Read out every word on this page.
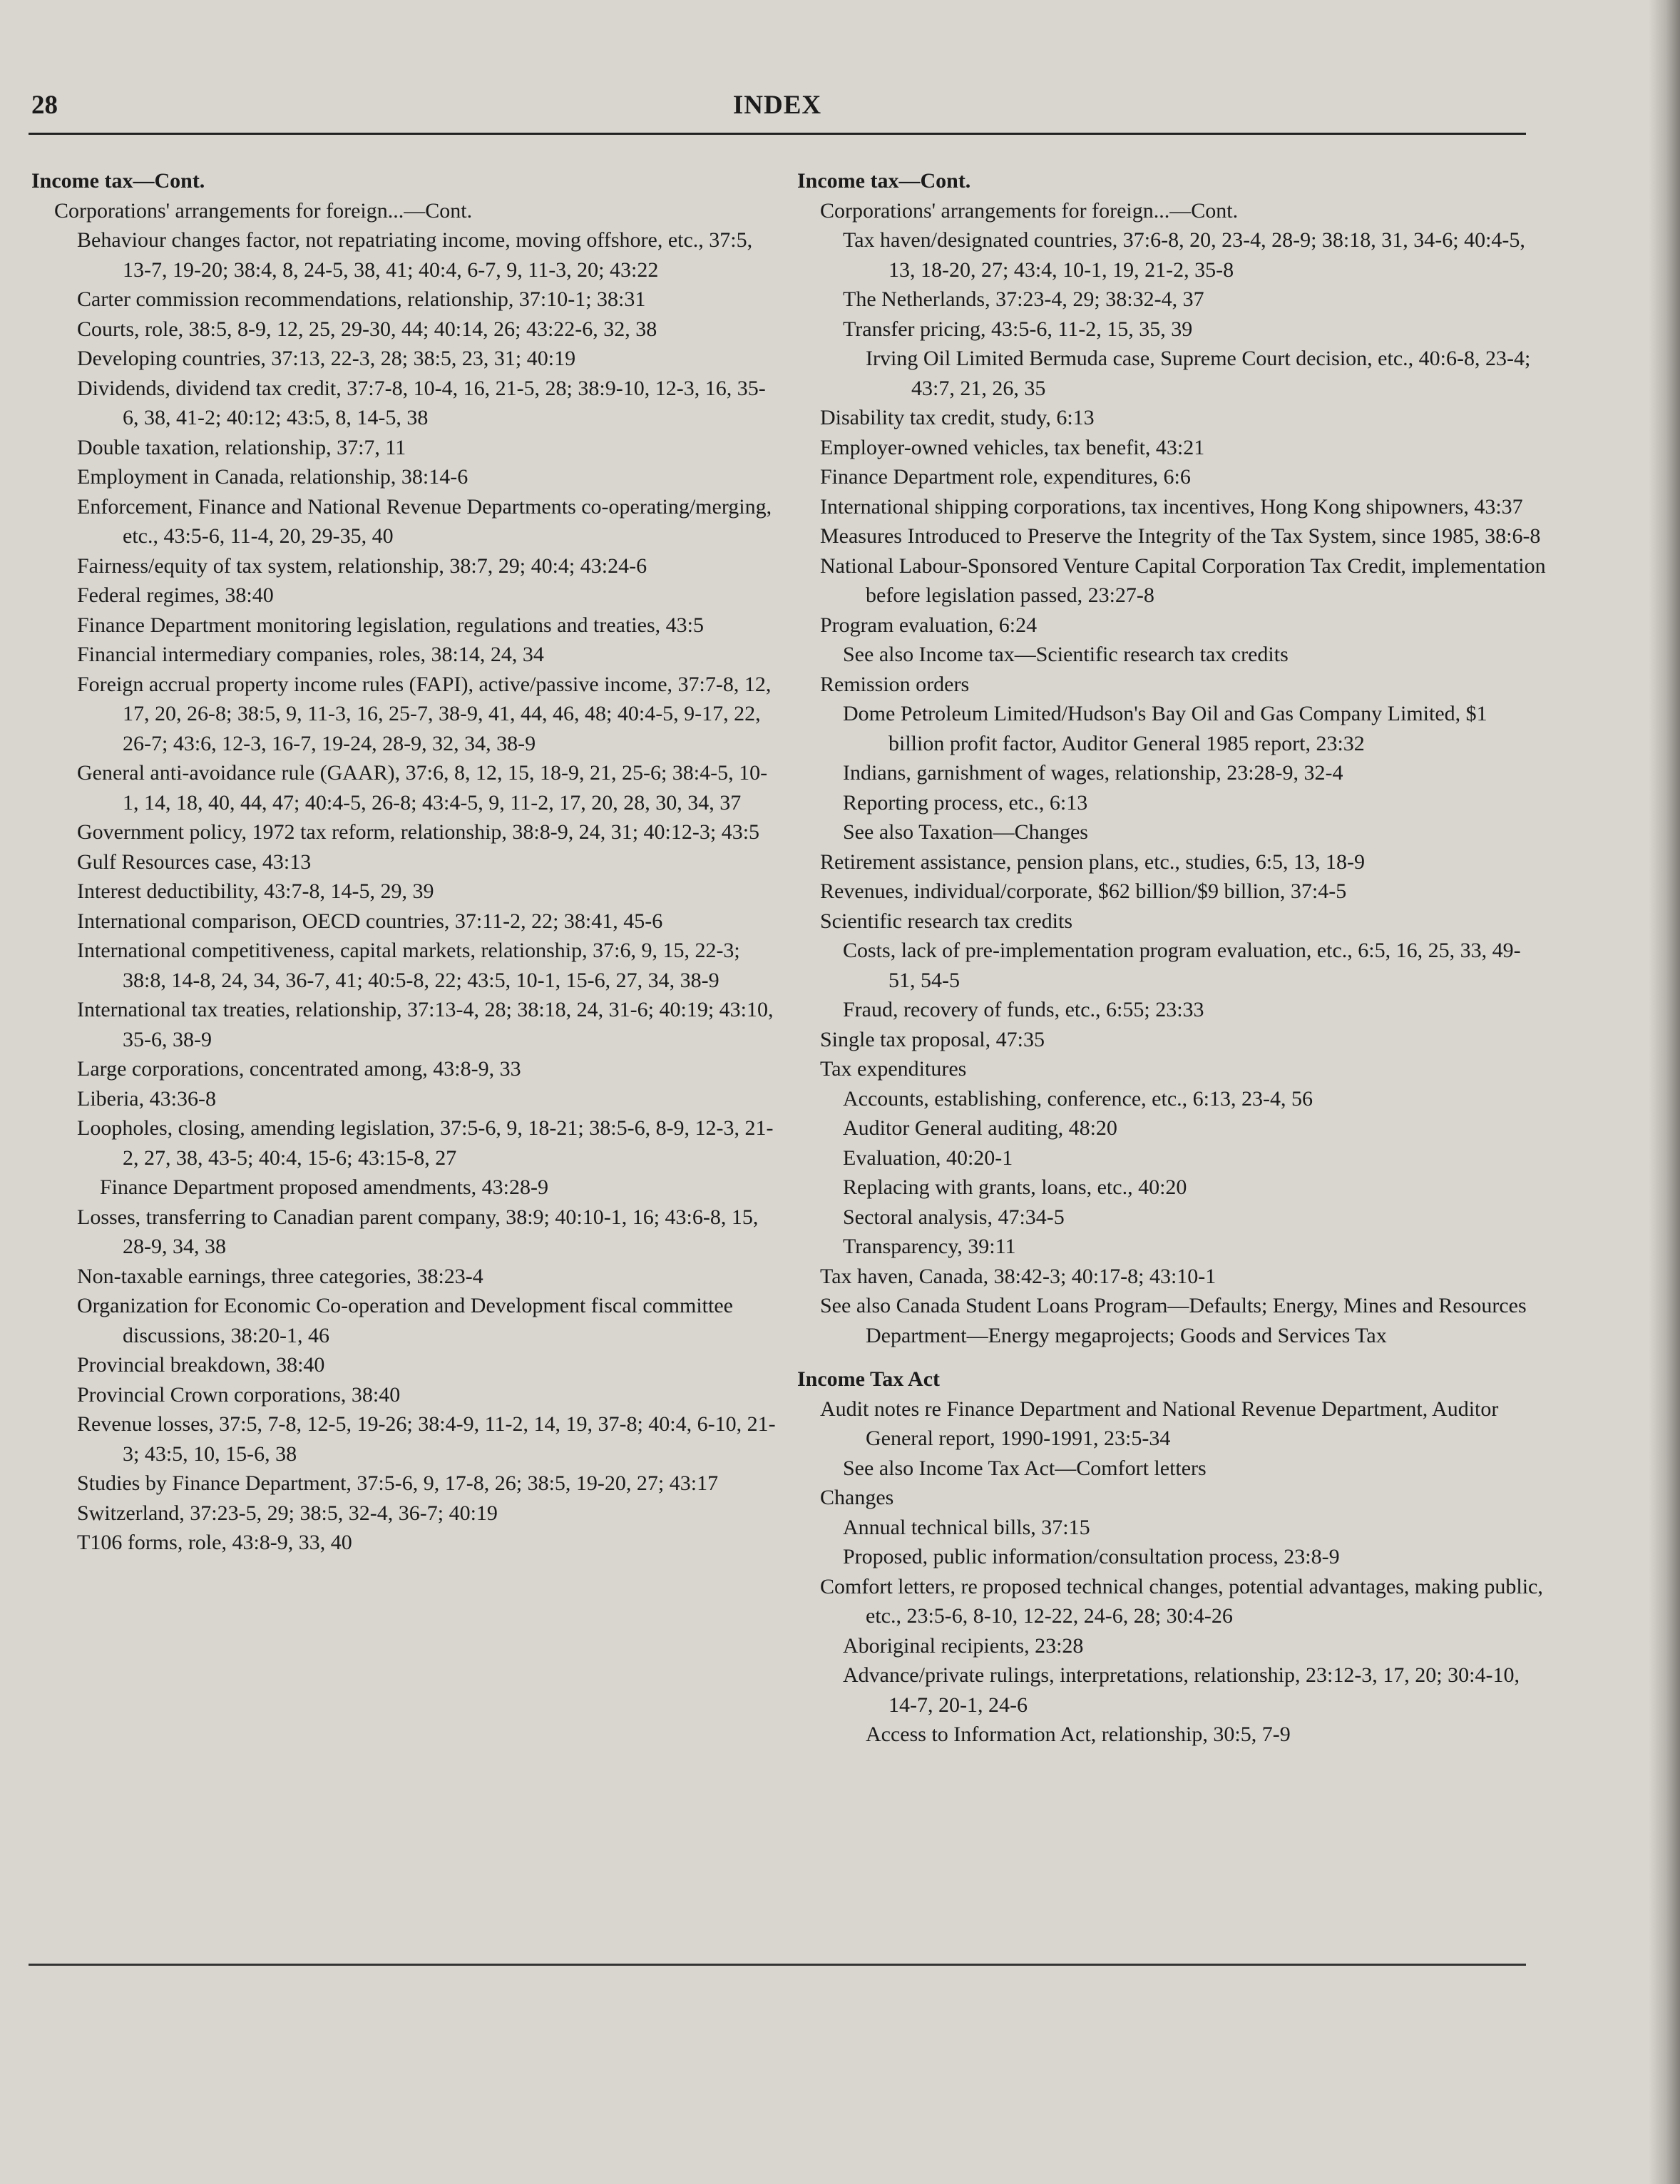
28	INDEX
Income tax—Cont.
Corporations' arrangements for foreign...—Cont.
Behaviour changes factor, not repatriating income, moving offshore, etc., 37:5, 13-7, 19-20; 38:4, 8, 24-5, 38, 41; 40:4, 6-7, 9, 11-3, 20; 43:22
Carter commission recommendations, relationship, 37:10-1; 38:31
Courts, role, 38:5, 8-9, 12, 25, 29-30, 44; 40:14, 26; 43:22-6, 32, 38
Developing countries, 37:13, 22-3, 28; 38:5, 23, 31; 40:19
Dividends, dividend tax credit, 37:7-8, 10-4, 16, 21-5, 28; 38:9-10, 12-3, 16, 35-6, 38, 41-2; 40:12; 43:5, 8, 14-5, 38
Double taxation, relationship, 37:7, 11
Employment in Canada, relationship, 38:14-6
Enforcement, Finance and National Revenue Departments co-operating/merging, etc., 43:5-6, 11-4, 20, 29-35, 40
Fairness/equity of tax system, relationship, 38:7, 29; 40:4; 43:24-6
Federal regimes, 38:40
Finance Department monitoring legislation, regulations and treaties, 43:5
Financial intermediary companies, roles, 38:14, 24, 34
Foreign accrual property income rules (FAPI), active/passive income, 37:7-8, 12, 17, 20, 26-8; 38:5, 9, 11-3, 16, 25-7, 38-9, 41, 44, 46, 48; 40:4-5, 9-17, 22, 26-7; 43:6, 12-3, 16-7, 19-24, 28-9, 32, 34, 38-9
General anti-avoidance rule (GAAR), 37:6, 8, 12, 15, 18-9, 21, 25-6; 38:4-5, 10-1, 14, 18, 40, 44, 47; 40:4-5, 26-8; 43:4-5, 9, 11-2, 17, 20, 28, 30, 34, 37
Government policy, 1972 tax reform, relationship, 38:8-9, 24, 31; 40:12-3; 43:5
Gulf Resources case, 43:13
Interest deductibility, 43:7-8, 14-5, 29, 39
International comparison, OECD countries, 37:11-2, 22; 38:41, 45-6
International competitiveness, capital markets, relationship, 37:6, 9, 15, 22-3; 38:8, 14-8, 24, 34, 36-7, 41; 40:5-8, 22; 43:5, 10-1, 15-6, 27, 34, 38-9
International tax treaties, relationship, 37:13-4, 28; 38:18, 24, 31-6; 40:19; 43:10, 35-6, 38-9
Large corporations, concentrated among, 43:8-9, 33
Liberia, 43:36-8
Loopholes, closing, amending legislation, 37:5-6, 9, 18-21; 38:5-6, 8-9, 12-3, 21-2, 27, 38, 43-5; 40:4, 15-6; 43:15-8, 27
Finance Department proposed amendments, 43:28-9
Losses, transferring to Canadian parent company, 38:9; 40:10-1, 16; 43:6-8, 15, 28-9, 34, 38
Non-taxable earnings, three categories, 38:23-4
Organization for Economic Co-operation and Development fiscal committee discussions, 38:20-1, 46
Provincial breakdown, 38:40
Provincial Crown corporations, 38:40
Revenue losses, 37:5, 7-8, 12-5, 19-26; 38:4-9, 11-2, 14, 19, 37-8; 40:4, 6-10, 21-3; 43:5, 10, 15-6, 38
Studies by Finance Department, 37:5-6, 9, 17-8, 26; 38:5, 19-20, 27; 43:17
Switzerland, 37:23-5, 29; 38:5, 32-4, 36-7; 40:19
T106 forms, role, 43:8-9, 33, 40
Income tax—Cont.
Corporations' arrangements for foreign...—Cont.
Tax haven/designated countries, 37:6-8, 20, 23-4, 28-9; 38:18, 31, 34-6; 40:4-5, 13, 18-20, 27; 43:4, 10-1, 19, 21-2, 35-8
The Netherlands, 37:23-4, 29; 38:32-4, 37
Transfer pricing, 43:5-6, 11-2, 15, 35, 39
Irving Oil Limited Bermuda case, Supreme Court decision, etc., 40:6-8, 23-4; 43:7, 21, 26, 35
Disability tax credit, study, 6:13
Employer-owned vehicles, tax benefit, 43:21
Finance Department role, expenditures, 6:6
International shipping corporations, tax incentives, Hong Kong shipowners, 43:37
Measures Introduced to Preserve the Integrity of the Tax System, since 1985, 38:6-8
National Labour-Sponsored Venture Capital Corporation Tax Credit, implementation before legislation passed, 23:27-8
Program evaluation, 6:24
See also Income tax—Scientific research tax credits
Remission orders
Dome Petroleum Limited/Hudson's Bay Oil and Gas Company Limited, $1 billion profit factor, Auditor General 1985 report, 23:32
Indians, garnishment of wages, relationship, 23:28-9, 32-4
Reporting process, etc., 6:13
See also Taxation—Changes
Retirement assistance, pension plans, etc., studies, 6:5, 13, 18-9
Revenues, individual/corporate, $62 billion/$9 billion, 37:4-5
Scientific research tax credits
Costs, lack of pre-implementation program evaluation, etc., 6:5, 16, 25, 33, 49-51, 54-5
Fraud, recovery of funds, etc., 6:55; 23:33
Single tax proposal, 47:35
Tax expenditures
Accounts, establishing, conference, etc., 6:13, 23-4, 56
Auditor General auditing, 48:20
Evaluation, 40:20-1
Replacing with grants, loans, etc., 40:20
Sectoral analysis, 47:34-5
Transparency, 39:11
Tax haven, Canada, 38:42-3; 40:17-8; 43:10-1
See also Canada Student Loans Program—Defaults; Energy, Mines and Resources Department—Energy megaprojects; Goods and Services Tax
Income Tax Act
Audit notes re Finance Department and National Revenue Department, Auditor General report, 1990-1991, 23:5-34
See also Income Tax Act—Comfort letters
Changes
Annual technical bills, 37:15
Proposed, public information/consultation process, 23:8-9
Comfort letters, re proposed technical changes, potential advantages, making public, etc., 23:5-6, 8-10, 12-22, 24-6, 28; 30:4-26
Aboriginal recipients, 23:28
Advance/private rulings, interpretations, relationship, 23:12-3, 17, 20; 30:4-10, 14-7, 20-1, 24-6
Access to Information Act, relationship, 30:5, 7-9
